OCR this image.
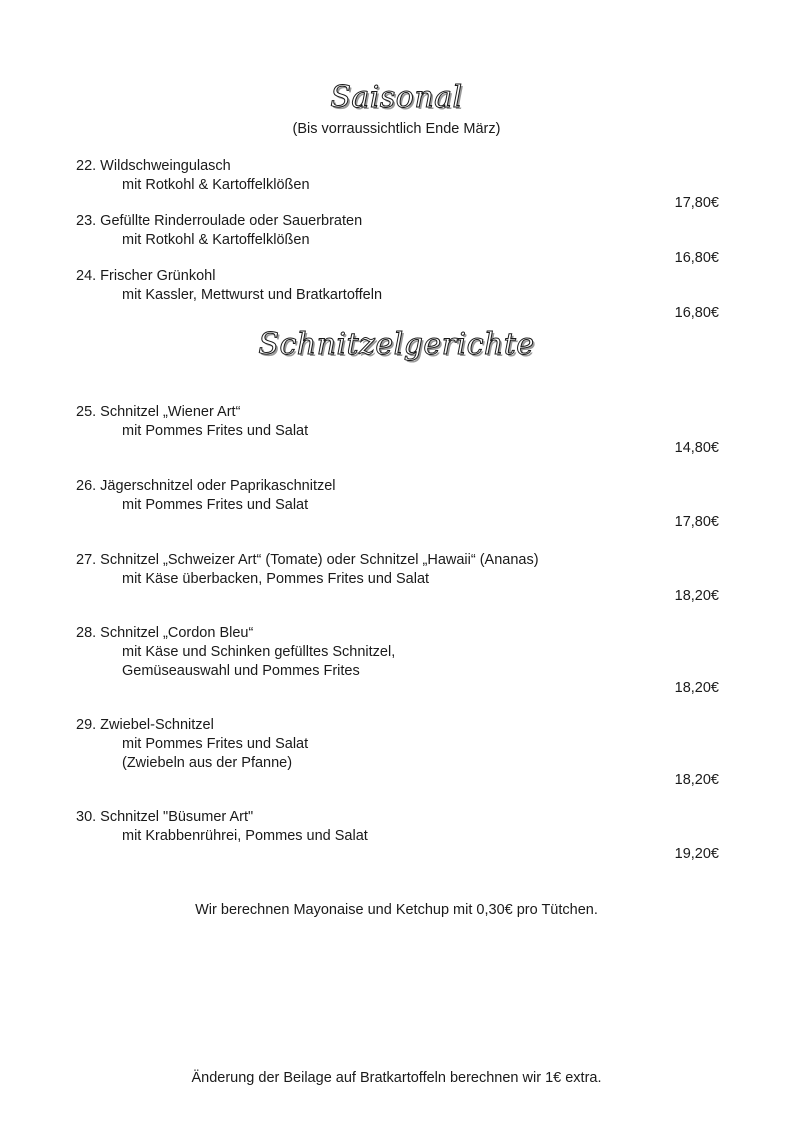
Saisonal
(Bis vorraussichtlich Ende März)
22. Wildschweingulasch
mit Rotkohl & Kartoffelklößen
17,80€
23. Gefüllte Rinderroulade oder Sauerbraten
mit Rotkohl & Kartoffelklößen
16,80€
24. Frischer Grünkohl
mit Kassler, Mettwurst und Bratkartoffeln
16,80€
Schnitzelgerichte
25. Schnitzel „Wiener Art“
mit Pommes Frites und Salat
14,80€
26. Jägerschnitzel oder Paprikaschnitzel
mit Pommes Frites und Salat
17,80€
27. Schnitzel „Schweizer Art“ (Tomate) oder Schnitzel „Hawaii“ (Ananas)
mit Käse überbacken, Pommes Frites und Salat
18,20€
28. Schnitzel „Cordon Bleu“
mit Käse und Schinken gefülltes Schnitzel,
Gemüseauswahl und Pommes Frites
18,20€
29. Zwiebel-Schnitzel
mit Pommes Frites und Salat
(Zwiebeln aus der Pfanne)
18,20€
30. Schnitzel "Büsumer Art"
mit Krabbenrührei, Pommes und Salat
19,20€
Wir berechnen Mayonaise und Ketchup mit 0,30€ pro Tütchen.
Änderung der Beilage auf Bratkartoffeln berechnen wir 1€ extra.
